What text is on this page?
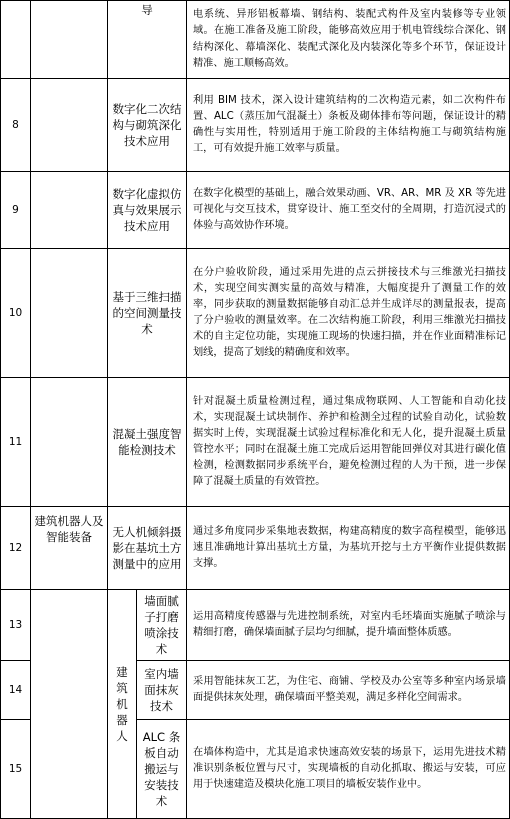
导	电系统、异形铝板幕墙、钢结构、装配式构件及室内装修等专业领域。在施工准备及施工阶段，能够高效应用于机电管线综合深化、钢结构深化、幕墙深化、装配式深化及内装深化等多个环节，保证设计精准、施工顺畅高效。
8
数字化二次结构与砌筑深化技术应用
利用 BIM 技术，深入设计建筑结构的二次构造元素，如二次构件布置、ALC（蒸压加气混凝土）条板及砌体排布等问题，保证设计的精确性与实用性，特别适用于施工阶段的主体结构施工与砌筑结构施工，可有效提升施工效率与质量。
9
数字化虚拟仿真与效果展示技术应用
在数字化模型的基础上，融合效果动画、VR、AR、MR 及 XR 等先进可视化与交互技术，贯穿设计、施工至交付的全周期，打造沉浸式的体验与高效协作环境。
10
基于三维扫描的空间测量技术
在分户验收阶段，通过采用先进的点云拼接技术与三维激光扫描技术，实现空间实测实量的高效与精准，大幅度提升了测量工作的效率，同步获取的测量数据能够自动汇总并生成详尽的测量报表，提高了分户验收的测量效率。在二次结构施工阶段，利用三维激光扫描技术的自主定位功能，实现施工现场的快速扫描，并在作业面精准标记划线，提高了划线的精确度和效率。
11
混凝土强度智能检测技术
针对混凝土质量检测过程，通过集成物联网、人工智能和自动化技术，实现混凝土试块制作、养护和检测全过程的试验自动化，试验数据实时上传，实现混凝土试验过程标准化和无人化，提升混凝土质量管控水平；同时在混凝土施工完成后运用智能回弹仪对其进行碳化值检测，检测数据同步系统平台，避免检测过程的人为干预，进一步保障了混凝土质量的有效管控。
建筑机器人及智能装备
12
无人机倾斜摄影在基坑土方测量中的应用
通过多角度同步采集地表数据，构建高精度的数字高程模型，能够迅速且准确地计算出基坑土方量，为基坑开挖与土方平衡作业提供数据支撑。
建筑机器人
13
墙面腻子打磨喷涂技术
运用高精度传感器与先进控制系统，对室内毛坯墙面实施腻子喷涂与精细打磨，确保墙面腻子层均匀细腻，提升墙面整体质感。
14
室内墙面抹灰技术
采用智能抹灰工艺，为住宅、商铺、学校及办公室等多种室内场景墙面提供抹灰处理，确保墙面平整美观，满足多样化空间需求。
15
ALC 条板自动搬运与安装技术
在墙体构造中，尤其是追求快速高效安装的场景下，运用先进技术精准识别条板位置与尺寸，实现墙板的自动化抓取、搬运与安装，可应用于快速建造及模块化施工项目的墙板安装作业中。
